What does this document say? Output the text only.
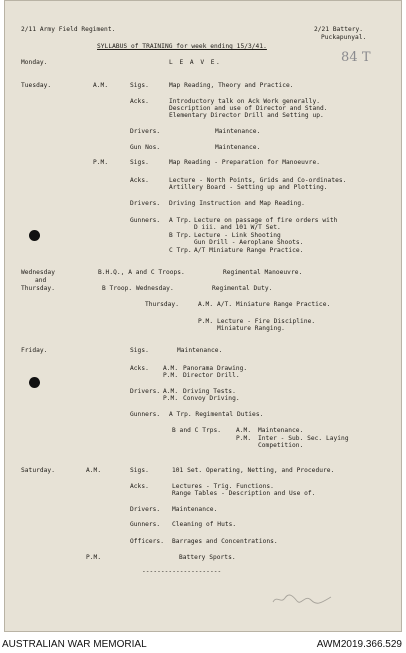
2/11 Army Field Regiment.	2/21 Battery.
Puckapunyal.
SYLLABUS of TRAINING for week ending 15/3/41.
84 T
Monday.	L E A V E.
Tuesday.	A.M.	Sigs.	Map Reading, Theory and Practice.
Acks.	Introductory talk on Ack Work generally.
Description and use of Director and Stand.
Elementary Director Drill and Setting up.
Drivers.	Maintenance.
Gun Nos.	Maintenance.
P.M.	Sigs.	Map Reading - Preparation for Manoeuvre.
Acks.	Lecture - North Points, Grids and Co-ordinates.
Artillery Board - Setting up and Plotting.
Drivers. Driving Instruction and Map Reading.
Gunners. A Trp. Lecture on passage of fire orders with
D iii. and 101 W/T Set.
B Trp. Lecture - Link Shooting
Gun Drill - Aeroplane Shoots.
C Trp. A/T Miniature Range Practice.
Wednesday
and
Thursday.
B.H.Q., A and C Troops.	Regimental Manoeuvre.
B Troop. Wednesday.	Regimental Duty.
Thursday.	A.M. A/T. Miniature Range Practice.
P.M. Lecture - Fire Discipline.
Miniature Ranging.
Friday.	Sigs.	Maintenance.
Acks. A.M. Panorama Drawing.
P.M. Director Drill.
Drivers. A.M. Driving Tests.
P.M. Convoy Driving.
Gunners. A Trp. Regimental Duties.
B and C Trps. A.M. Maintenance.
P.M. Inter - Sub. Sec. Laying
Competition.
Saturday.	A.M.	Sigs.	101 Set. Operating, Netting, and Procedure.
Acks.	Lectures - Trig. Functions.
Range Tables - Description and Use of.
Drivers. Maintenance.
Gunners. Cleaning of Huts.
Officers. Barrages and Concentrations.
P.M.	Battery Sports.
---------------------
AUSTRALIAN WAR MEMORIAL	AWM2019.366.529
